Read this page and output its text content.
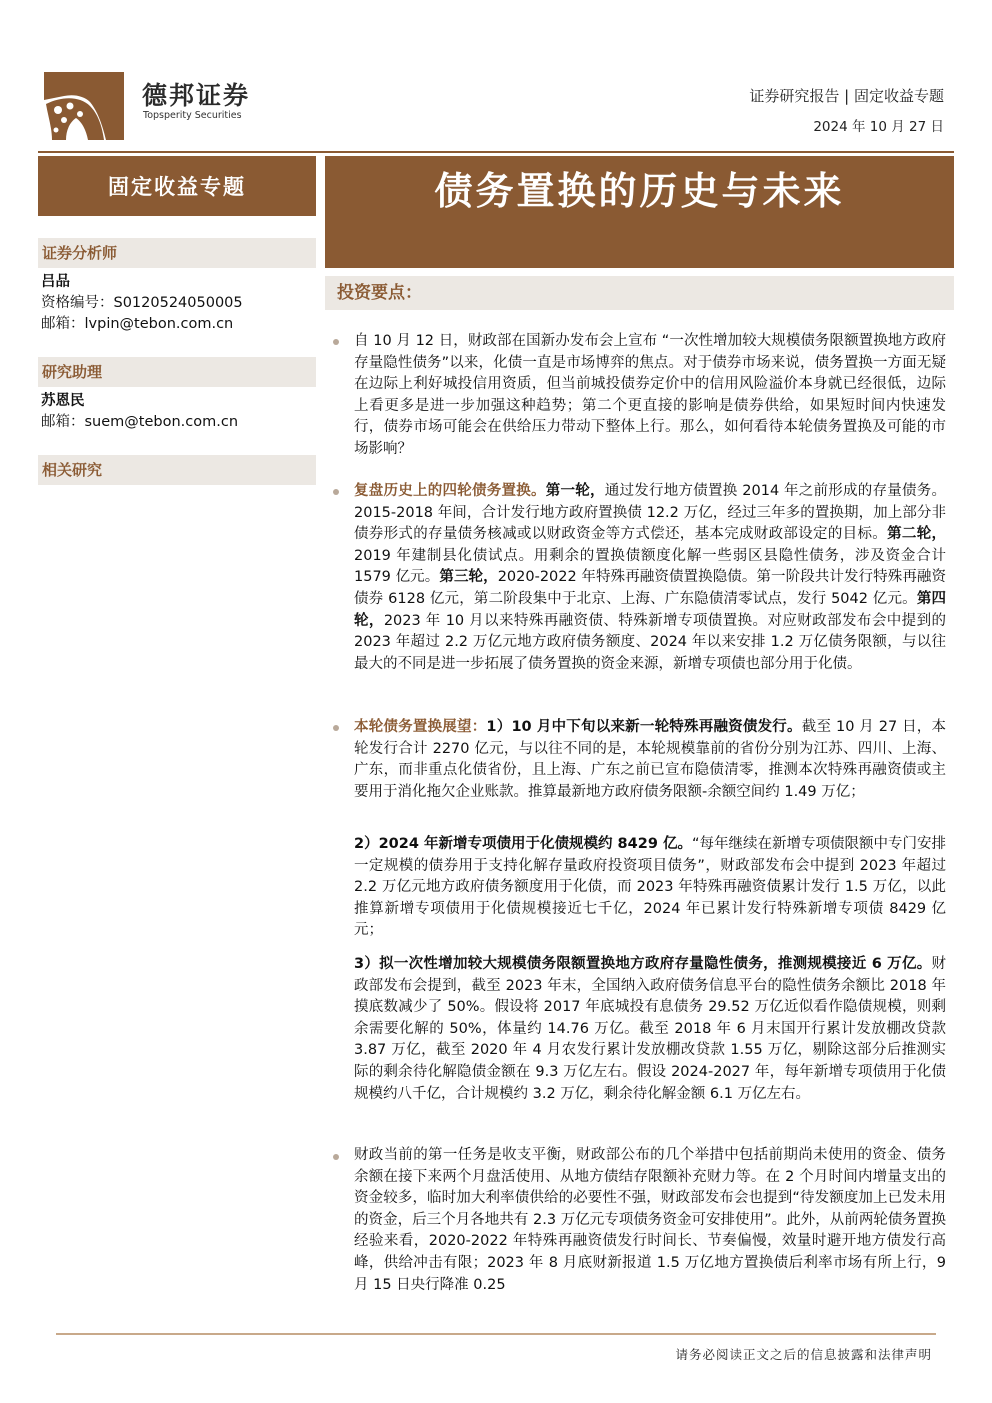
德邦证券
Topsperity Securities
证券研究报告 | 固定收益专题
2024 年 10 月 27 日
固定收益专题	债务置换的历史与未来
证券分析师
吕品
资格编号：S0120524050005
邮箱：lvpin@tebon.com.cn
研究助理
苏恩民
邮箱：suem@tebon.com.cn
相关研究
投资要点：

自 10 月 12 日，财政部在国新办发布会上宣布 “一次性增加较大规模债务限额置换地方政府存量隐性债务”以来，化债一直是市场博弈的焦点。对于债券市场来说，债务置换一方面无疑在边际上利好城投信用资质，但当前城投债券定价中的信用风险溢价本身就已经很低，边际上看更多是进一步加强这种趋势；第二个更直接的影响是债券供给，如果短时间内快速发行，债券市场可能会在供给压力带动下整体上行。那么，如何看待本轮债务置换及可能的市场影响？

复盘历史上的四轮债务置换。第一轮，通过发行地方债置换 2014 年之前形成的存量债务。2015-2018 年间，合计发行地方政府置换债 12.2 万亿，经过三年多的置换期，加上部分非债券形式的存量债务核减或以财政资金等方式偿还，基本完成财政部设定的目标。第二轮，2019 年建制县化债试点。用剩余的置换债额度化解一些弱区县隐性债务，涉及资金合计 1579 亿元。第三轮，2020-2022 年特殊再融资债置换隐债。第一阶段共计发行特殊再融资债券 6128 亿元，第二阶段集中于北京、上海、广东隐债清零试点，发行 5042 亿元。第四轮，2023 年 10 月以来特殊再融资债、特殊新增专项债置换。对应财政部发布会中提到的 2023 年超过 2.2 万亿元地方政府债务额度、2024 年以来安排 1.2 万亿债务限额，与以往最大的不同是进一步拓展了债务置换的资金来源，新增专项债也部分用于化债。

本轮债务置换展望：1）10 月中下旬以来新一轮特殊再融资债发行。截至 10 月 27 日，本轮发行合计 2270 亿元，与以往不同的是，本轮规模靠前的省份分别为江苏、四川、上海、广东，而非重点化债省份，且上海、广东之前已宣布隐债清零，推测本次特殊再融资债或主要用于消化拖欠企业账款。推算最新地方政府债务限额-余额空间约 1.49 万亿；

2）2024 年新增专项债用于化债规模约 8429 亿。“每年继续在新增专项债限额中专门安排一定规模的债券用于支持化解存量政府投资项目债务”，财政部发布会中提到 2023 年超过 2.2 万亿元地方政府债务额度用于化债，而 2023 年特殊再融资债累计发行 1.5 万亿，以此推算新增专项债用于化债规模接近七千亿，2024 年已累计发行特殊新增专项债 8429 亿元；

3）拟一次性增加较大规模债务限额置换地方政府存量隐性债务，推测规模接近 6 万亿。财政部发布会提到，截至 2023 年末，全国纳入政府债务信息平台的隐性债务余额比 2018 年摸底数减少了 50%。假设将 2017 年底城投有息债务 29.52 万亿近似看作隐债规模，则剩余需要化解的 50%，体量约 14.76 万亿。截至 2018 年 6 月末国开行累计发放棚改贷款 3.87 万亿，截至 2020 年 4 月农发行累计发放棚改贷款 1.55 万亿，剔除这部分后推测实际的剩余待化解隐债金额在 9.3 万亿左右。假设 2024-2027 年，每年新增专项债用于化债规模约八千亿，合计规模约 3.2 万亿，剩余待化解金额 6.1 万亿左右。

财政当前的第一任务是收支平衡，财政部公布的几个举措中包括前期尚未使用的资金、债务余额在接下来两个月盘活使用、从地方债结存限额补充财力等。在 2 个月时间内增量支出的资金较多，临时加大利率债供给的必要性不强，财政部发布会也提到“待发额度加上已发未用的资金，后三个月各地共有 2.3 万亿元专项债务资金可安排使用”。此外，从前两轮债务置换经验来看，2020-2022 年特殊再融资债发行时间长、节奏偏慢，效量时避开地方债发行高峰，供给冲击有限；2023 年 8 月底财新报道 1.5 万亿地方置换债后利率市场有所上行，9 月 15 日央行降准 0.25

请务必阅读正文之后的信息披露和法律声明
